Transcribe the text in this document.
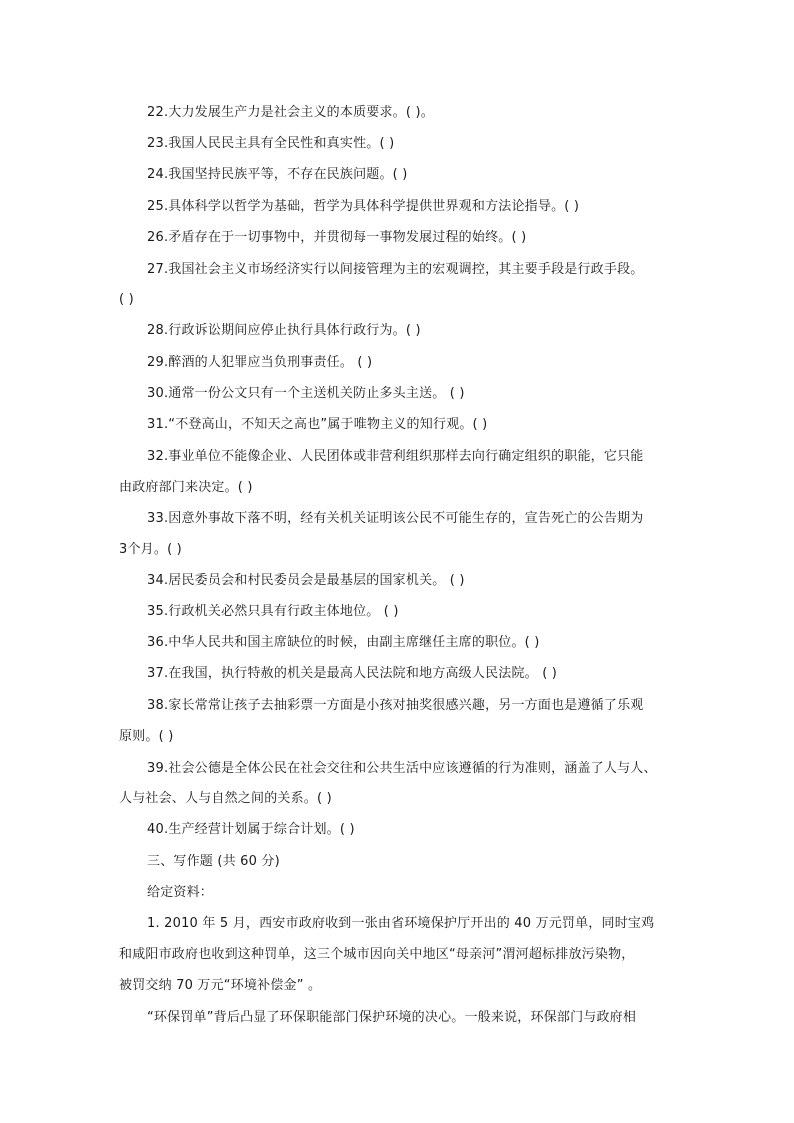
22.大力发展生产力是社会主义的本质要求。( )。
23.我国人民民主具有全民性和真实性。( )
24.我国坚持民族平等，不存在民族问题。( )
25.具体科学以哲学为基础，哲学为具体科学提供世界观和方法论指导。( )
26.矛盾存在于一切事物中，并贯彻每一事物发展过程的始终。( )
27.我国社会主义市场经济实行以间接管理为主的宏观调控，其主要手段是行政手段。
( )
28.行政诉讼期间应停止执行具体行政行为。( )
29.醉酒的人犯罪应当负刑事责任。 ( )
30.通常一份公文只有一个主送机关防止多头主送。 ( )
31.“不登高山，不知天之高也”属于唯物主义的知行观。( )
32.事业单位不能像企业、人民团体或非营利组织那样去向行确定组织的职能，它只能
由政府部门来决定。( )
33.因意外事故下落不明，经有关机关证明该公民不可能生存的，宣告死亡的公告期为
3个月。( )
34.居民委员会和村民委员会是最基层的国家机关。 ( )
35.行政机关必然只具有行政主体地位。 ( )
36.中华人民共和国主席缺位的时候，由副主席继任主席的职位。( )
37.在我国，执行特赦的机关是最高人民法院和地方高级人民法院。 ( )
38.家长常常让孩子去抽彩票一方面是小孩对抽奖很感兴趣，另一方面也是遵循了乐观
原则。( )
39.社会公德是全体公民在社会交往和公共生活中应该遵循的行为准则，涵盖了人与人、
人与社会、人与自然之间的关系。( )
40.生产经营计划属于综合计划。( )
三、写作题 (共 60 分)
给定资料：
1. 2010 年 5 月，西安市政府收到一张由省环境保护厅开出的 40 万元罚单，同时宝鸡
和咸阳市政府也收到这种罚单，这三个城市因向关中地区“母亲河”渭河超标排放污染物，
被罚交纳 70 万元“环境补偿金” 。
“环保罚单”背后凸显了环保职能部门保护环境的决心。一般来说，环保部门与政府相
